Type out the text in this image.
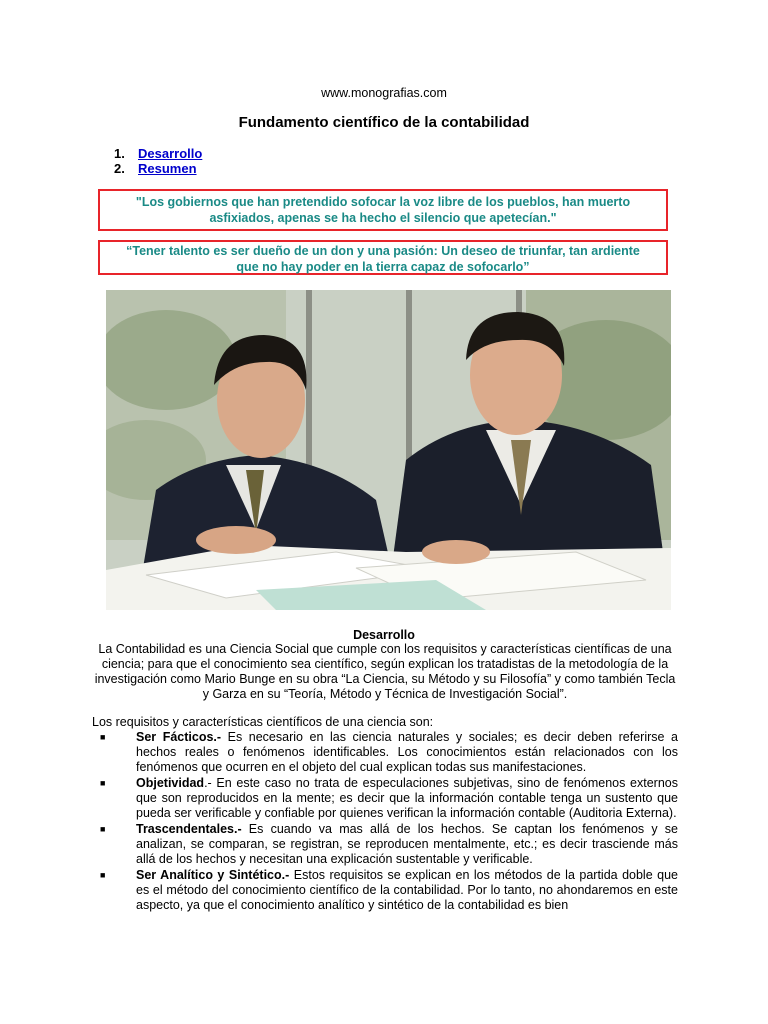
www.monografias.com
Fundamento científico de la contabilidad
1.	Desarrollo
2.	Resumen
"Los gobiernos que han pretendido sofocar la voz libre de los pueblos, han muerto asfixiados, apenas se ha hecho el silencio que apetecían."
“Tener talento es ser dueño de un don y una pasión: Un deseo de triunfar, tan ardiente que no hay poder en la tierra capaz de sofocarlo”
Desarrollo
La Contabilidad es una Ciencia Social que cumple con los requisitos y características científicas de una ciencia; para que el conocimiento sea científico, según explican los tratadistas de la metodología de la investigación como Mario Bunge en su obra “La Ciencia, su Método y su Filosofía” y como también Tecla y Garza en su “Teoría, Método y Técnica de Investigación Social”.
Los requisitos y características científicos de una ciencia son:
■	Ser Fácticos.- Es necesario en las ciencia naturales y sociales; es decir deben referirse a hechos reales o fenómenos identificables. Los conocimientos están relacionados con los fenómenos que ocurren en el objeto del cual explican todas sus manifestaciones.
■	Objetividad.- En este caso no trata de especulaciones subjetivas, sino de fenómenos externos que son reproducidos en la mente; es decir que la información contable tenga un sustento que pueda ser verificable y confiable por quienes verifican la información contable (Auditoria Externa).
■	Trascendentales.- Es cuando va mas allá de los hechos. Se captan los fenómenos y se analizan, se comparan, se registran, se reproducen mentalmente, etc.; es decir trasciende más allá de los hechos y necesitan una explicación sustentable y verificable.
■	Ser Analítico y Sintético.- Estos requisitos se explican en los métodos de la partida doble que es el método del conocimiento científico de la contabilidad. Por lo tanto, no ahondaremos en este aspecto, ya que el conocimiento analítico y sintético de la contabilidad es bien
